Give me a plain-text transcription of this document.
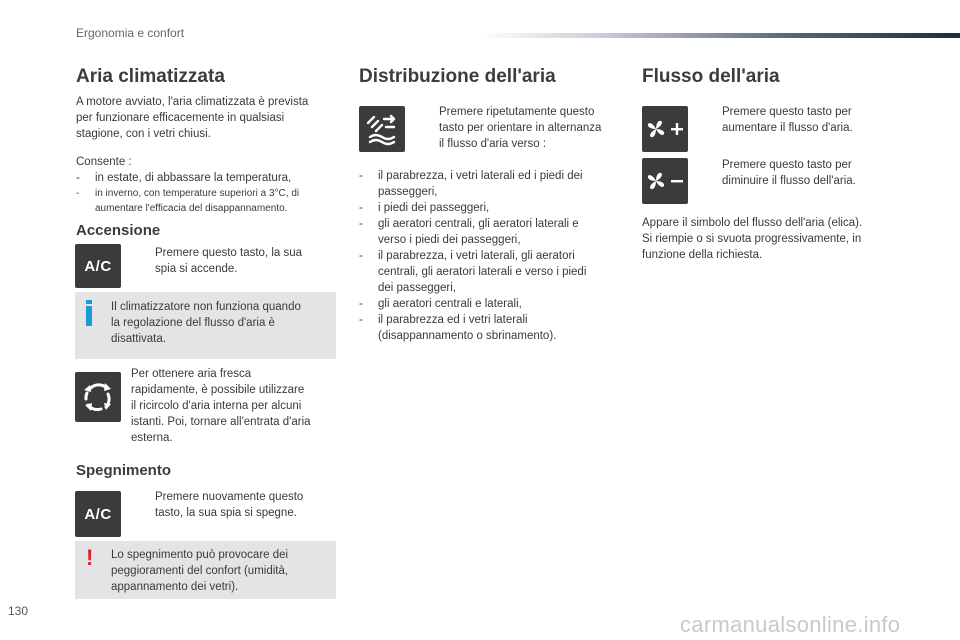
Ergonomia e confort
Aria climatizzata
A motore avviato, l'aria climatizzata è prevista
per funzionare efficacemente in qualsiasi
stagione, con i vetri chiusi.
Consente :
-	in estate, di abbassare la temperatura,
-	in inverno, con temperature superiori a 3°C, di
aumentare l'efficacia del disappannamento.
Accensione
A/C
Premere questo tasto, la sua
spia si accende.
Il climatizzatore non funziona quando
la regolazione del flusso d'aria è
disattivata.
Per ottenere aria fresca
rapidamente, è possibile utilizzare
il ricircolo d'aria interna per alcuni
istanti. Poi, tornare all'entrata d'aria
esterna.
Spegnimento
A/C
Premere nuovamente questo
tasto, la sua spia si spegne.
! Lo spegnimento può provocare dei
peggioramenti del confort (umidità,
appannamento dei vetri).
Distribuzione dell'aria
Premere ripetutamente questo
tasto per orientare in alternanza
il flusso d'aria verso :
-	il parabrezza, i vetri laterali ed i piedi dei
passeggeri,
-	i piedi dei passeggeri,
-	gli aeratori centrali, gli aeratori laterali e
verso i piedi dei passeggeri,
-	il parabrezza, i vetri laterali, gli aeratori
centrali, gli aeratori laterali e verso i piedi
dei passeggeri,
-	gli aeratori centrali e laterali,
-	il parabrezza ed i vetri laterali
(disappannamento o sbrinamento).
Flusso dell'aria
Premere questo tasto per
aumentare il flusso d'aria.
Premere questo tasto per
diminuire il flusso dell'aria.
Appare il simbolo del flusso dell'aria (elica).
Si riempie o si svuota progressivamente, in
funzione della richiesta.
130
carmanualsonline.info
